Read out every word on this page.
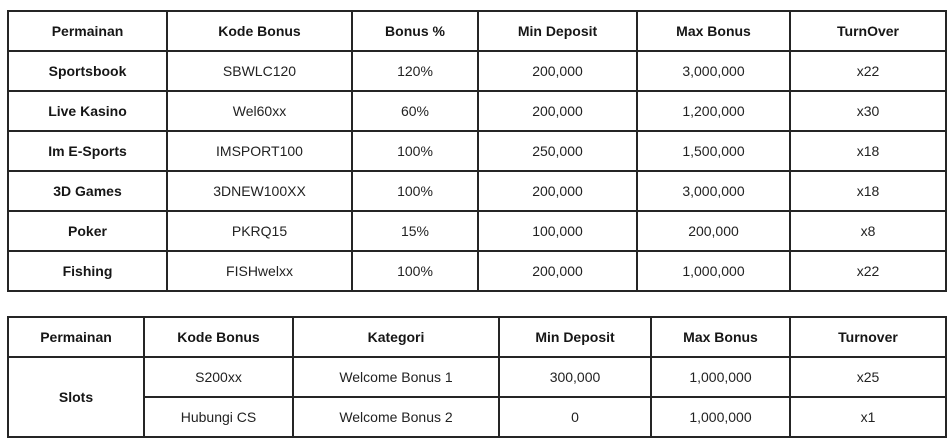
Permainan	Kode Bonus	Bonus %	Min Deposit	Max Bonus	TurnOver
Sportsbook	SBWLC120	120%	200,000	3,000,000	x22
Live Kasino	Wel60xx	60%	200,000	1,200,000	x30
Im E-Sports	IMSPORT100	100%	250,000	1,500,000	x18
3D Games	3DNEW100XX	100%	200,000	3,000,000	x18
Poker	PKRQ15	15%	100,000	200,000	x8
Fishing	FISHwelxx	100%	200,000	1,000,000	x22
Permainan	Kode Bonus	Kategori	Min Deposit	Max Bonus	Turnover
Slots	S200xx	Welcome Bonus 1	300,000	1,000,000	x25
	Hubungi CS	Welcome Bonus 2	0	1,000,000	x1
